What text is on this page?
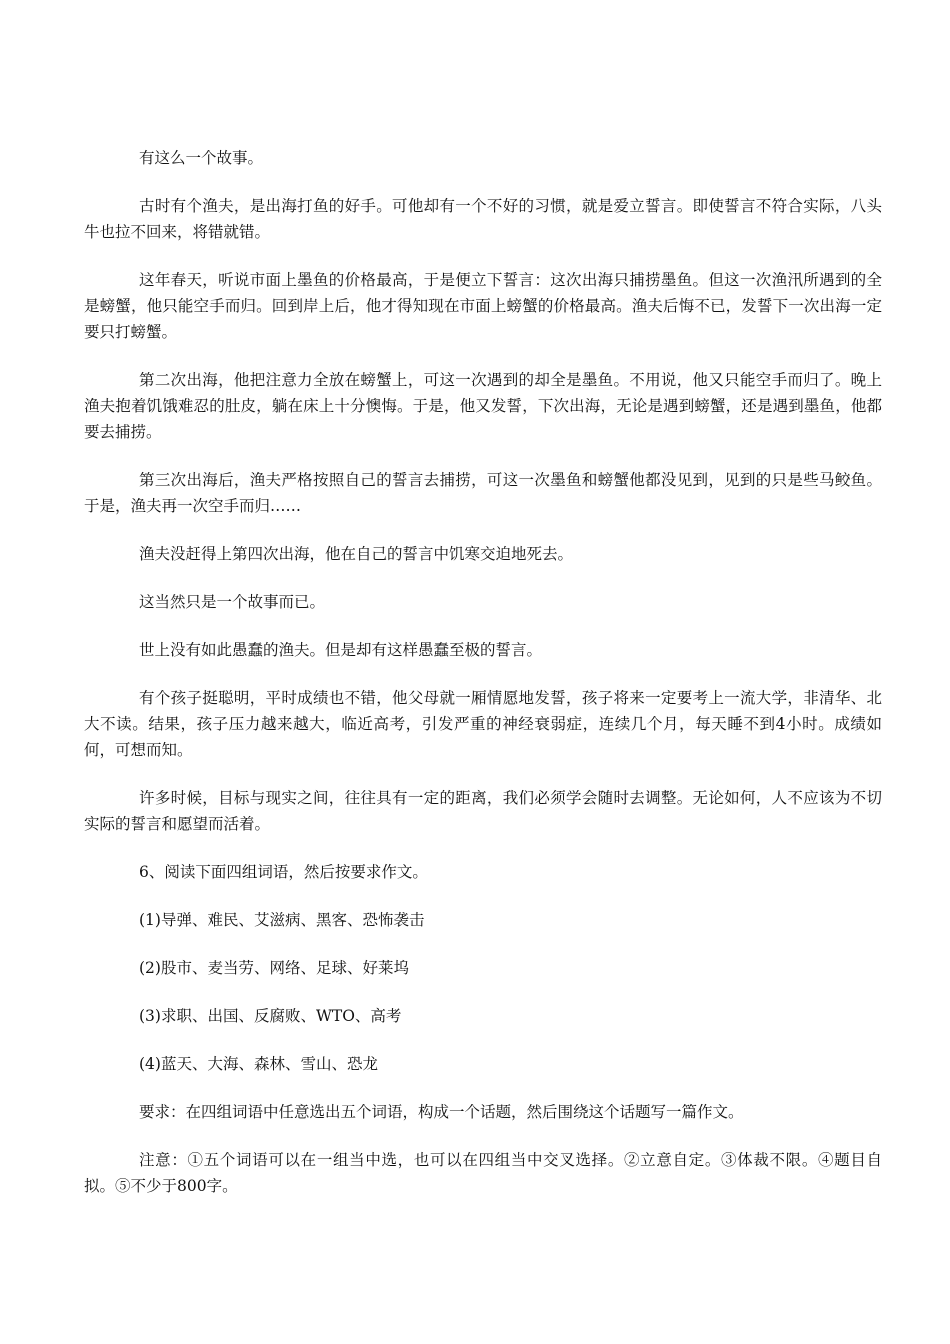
有这么一个故事。

古时有个渔夫，是出海打鱼的好手。可他却有一个不好的习惯，就是爱立誓言。即使誓言不符合实际，八头牛也拉不回来，将错就错。

这年春天，听说市面上墨鱼的价格最高，于是便立下誓言：这次出海只捕捞墨鱼。但这一次渔汛所遇到的全是螃蟹，他只能空手而归。回到岸上后，他才得知现在市面上螃蟹的价格最高。渔夫后悔不已，发誓下一次出海一定要只打螃蟹。

第二次出海，他把注意力全放在螃蟹上，可这一次遇到的却全是墨鱼。不用说，他又只能空手而归了。晚上渔夫抱着饥饿难忍的肚皮，躺在床上十分懊悔。于是，他又发誓，下次出海，无论是遇到螃蟹，还是遇到墨鱼，他都要去捕捞。

第三次出海后，渔夫严格按照自己的誓言去捕捞，可这一次墨鱼和螃蟹他都没见到，见到的只是些马鲛鱼。于是，渔夫再一次空手而归……

渔夫没赶得上第四次出海，他在自己的誓言中饥寒交迫地死去。

这当然只是一个故事而已。

世上没有如此愚蠢的渔夫。但是却有这样愚蠢至极的誓言。

有个孩子挺聪明，平时成绩也不错，他父母就一厢情愿地发誓，孩子将来一定要考上一流大学，非清华、北大不读。结果，孩子压力越来越大，临近高考，引发严重的神经衰弱症，连续几个月，每天睡不到4小时。成绩如何，可想而知。

许多时候，目标与现实之间，往往具有一定的距离，我们必须学会随时去调整。无论如何，人不应该为不切实际的誓言和愿望而活着。

6、阅读下面四组词语，然后按要求作文。

(1)导弹、难民、艾滋病、黑客、恐怖袭击

(2)股市、麦当劳、网络、足球、好莱坞

(3)求职、出国、反腐败、WTO、高考

(4)蓝天、大海、森林、雪山、恐龙

要求：在四组词语中任意选出五个词语，构成一个话题，然后围绕这个话题写一篇作文。

注意：①五个词语可以在一组当中选，也可以在四组当中交叉选择。②立意自定。③体裁不限。④题目自拟。⑤不少于800字。
